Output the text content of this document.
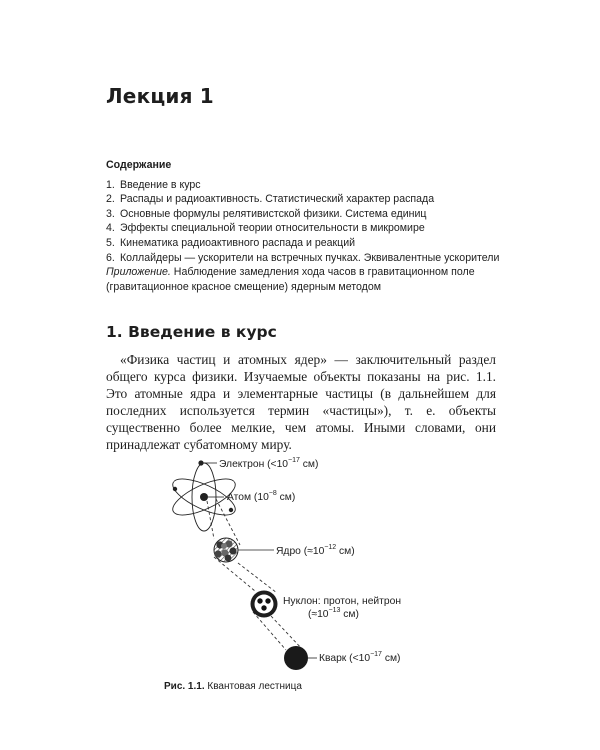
Лекция 1
Содержание
1. Введение в курс
2. Распады и радиоактивность. Статистический характер распада
3. Основные формулы релятивистской физики. Система единиц
4. Эффекты специальной теории относительности в микромире
5. Кинематика радиоактивного распада и реакций
6. Коллайдеры — ускорители на встречных пучках. Эквивалентные ускорители
Приложение. Наблюдение замедления хода часов в гравитационном поле (гравитационное красное смещение) ядерным методом
1. Введение в курс
«Физика частиц и атомных ядер» — заключительный раздел общего курса физики. Изучаемые объекты показаны на рис. 1.1. Это атомные ядра и элементарные частицы (в дальнейшем для последних используется термин «частицы»), т. е. объекты существенно более мелкие, чем атомы. Иными словами, они принадлежат субатомному миру.
Электрон ($<10^{-17}$ см)
Атом ($10^{-8}$ см)
Ядро ($\approx 10^{-12}$ см)
Нуклон: протон, нейтрон
($\approx 10^{-13}$ см)
Кварк ($<10^{-17}$ см)
Рис. 1.1. Квантовая лестница
